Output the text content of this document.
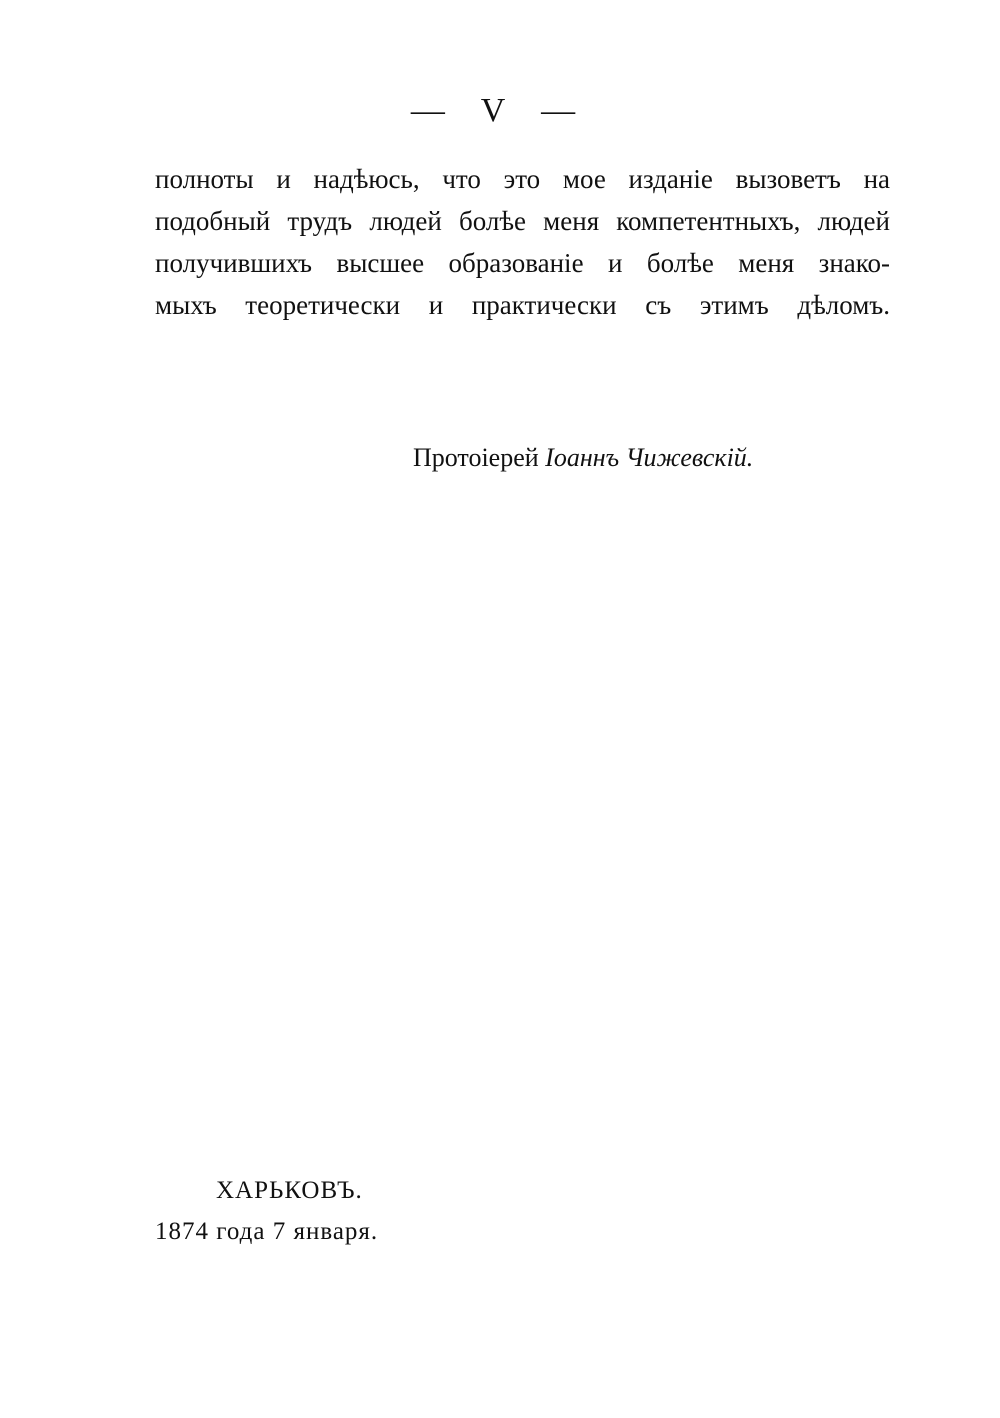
— V —
полноты и надѣюсь, что это мое изданіе вызоветъ на
подобный трудъ людей болѣе меня компетентныхъ, людей
получившихъ высшее образованіе и болѣе меня знако-
мыхъ теоретически и практически съ этимъ дѣломъ.
Протоіерей Іоаннъ Чижевскій.
ХАРЬКОВЪ.
1874 года 7 января.
